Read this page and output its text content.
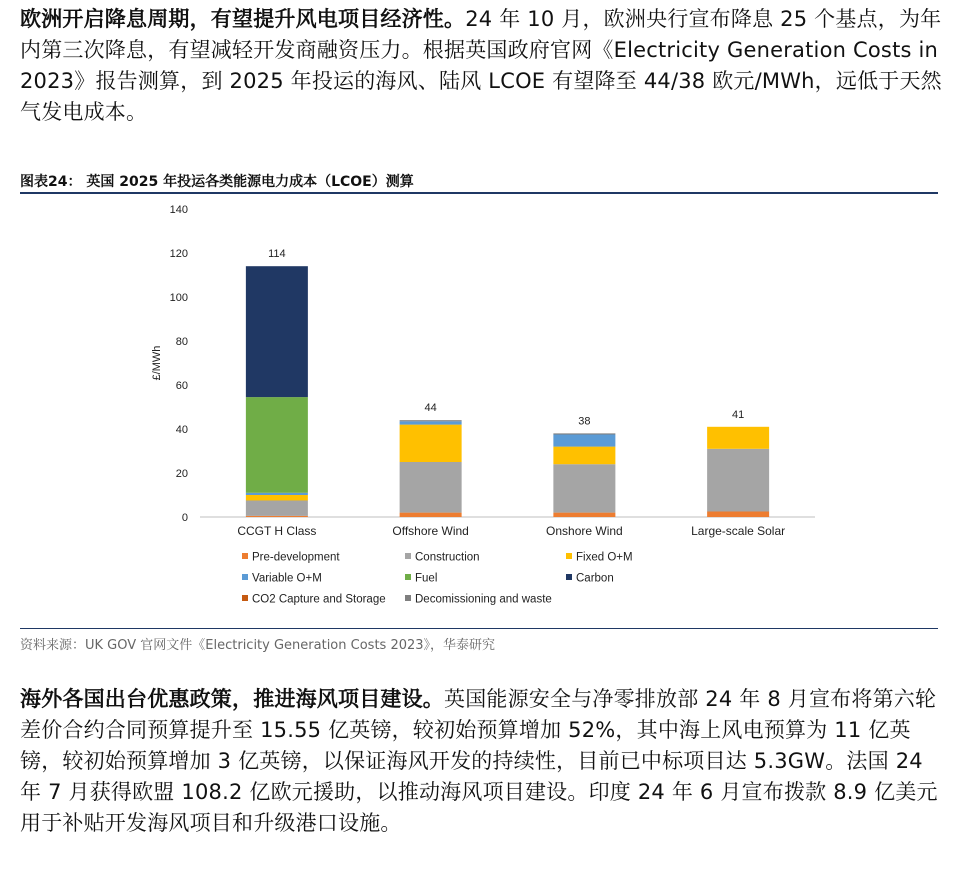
欧洲开启降息周期，有望提升风电项目经济性。24 年 10 月，欧洲央行宣布降息 25 个基点，为年内第三次降息，有望减轻开发商融资压力。根据英国政府官网《Electricity Generation Costs in 2023》报告测算，到 2025 年投运的海风、陆风 LCOE 有望降至 44/38 欧元/MWh，远低于天然气发电成本。

图表24： 英国 2025 年投运各类能源电力成本（LCOE）测算
0
20
40
60
80
100
120
140
£/MWh
114
CCGT H Class
44
Offshore Wind
38
Onshore Wind
41
Large-scale Solar
Pre-development	Construction	Fixed O+M
Variable O+M	Fuel	Carbon
CO2 Capture and Storage	Decomissioning and waste
资料来源：UK GOV 官网文件《Electricity Generation Costs 2023》，华泰研究

海外各国出台优惠政策，推进海风项目建设。英国能源安全与净零排放部 24 年 8 月宣布将第六轮差价合约合同预算提升至 15.55 亿英镑，较初始预算增加 52%，其中海上风电预算为 11 亿英镑，较初始预算增加 3 亿英镑，以保证海风开发的持续性，目前已中标项目达 5.3GW。法国 24 年 7 月获得欧盟 108.2 亿欧元援助，以推动海风项目建设。印度 24 年 6 月宣布拨款 8.9 亿美元用于补贴开发海风项目和升级港口设施。
